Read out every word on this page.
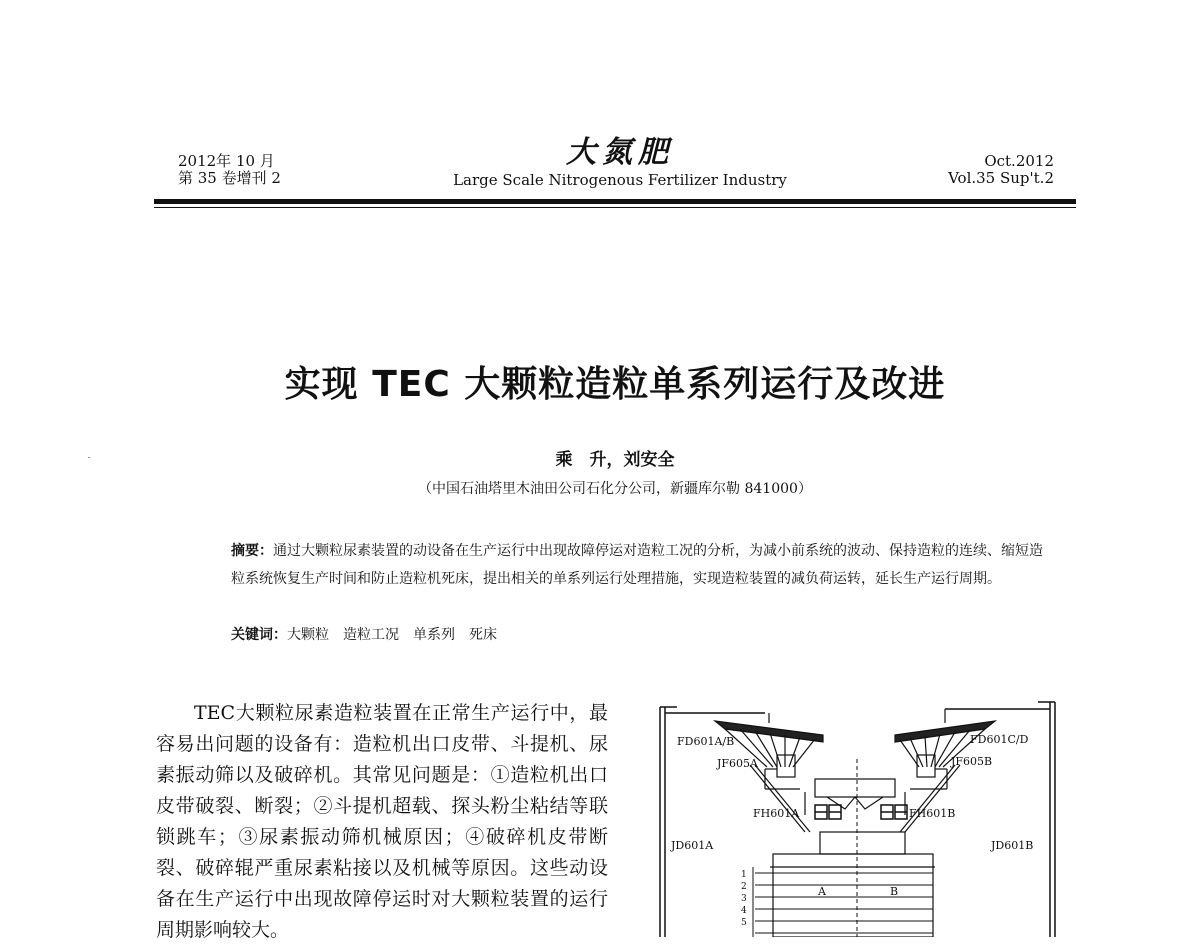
2012年 10 月
第 35 卷增刊 2
大氮肥
Large Scale Nitrogenous Fertilizer Industry
Oct.2012
Vol.35 Sup't.2
实现 TEC 大颗粒造粒单系列运行及改进
乘　升，刘安全
（中国石油塔里木油田公司石化分公司，新疆库尔勒 841000）
摘要：通过大颗粒尿素装置的动设备在生产运行中出现故障停运对造粒工况的分析，为减小前系统的波动、保持造粒的连续、缩短造粒系统恢复生产时间和防止造粒机死床，提出相关的单系列运行处理措施，实现造粒装置的减负荷运转，延长生产运行周期。
关键词：大颗粒 造粒工况 单系列 死床
TEC大颗粒尿素造粒装置在正常生产运行中，最容易出问题的设备有：造粒机出口皮带、斗提机、尿素振动筛以及破碎机。其常见问题是：①造粒机出口皮带破裂、断裂；②斗提机超载、探头粉尘粘结等联锁跳车；③尿素振动筛机械原因；④破碎机皮带断裂、破碎辊严重尿素粘接以及机械等原因。这些动设备在生产运行中出现故障停运时对大颗粒装置的运行周期影响较大。
FD601A/B	FD601C/D
JF605A	JF605B
FH601A	FH601B
JD601A	JD601B
A	B
1
2
3
4
5
